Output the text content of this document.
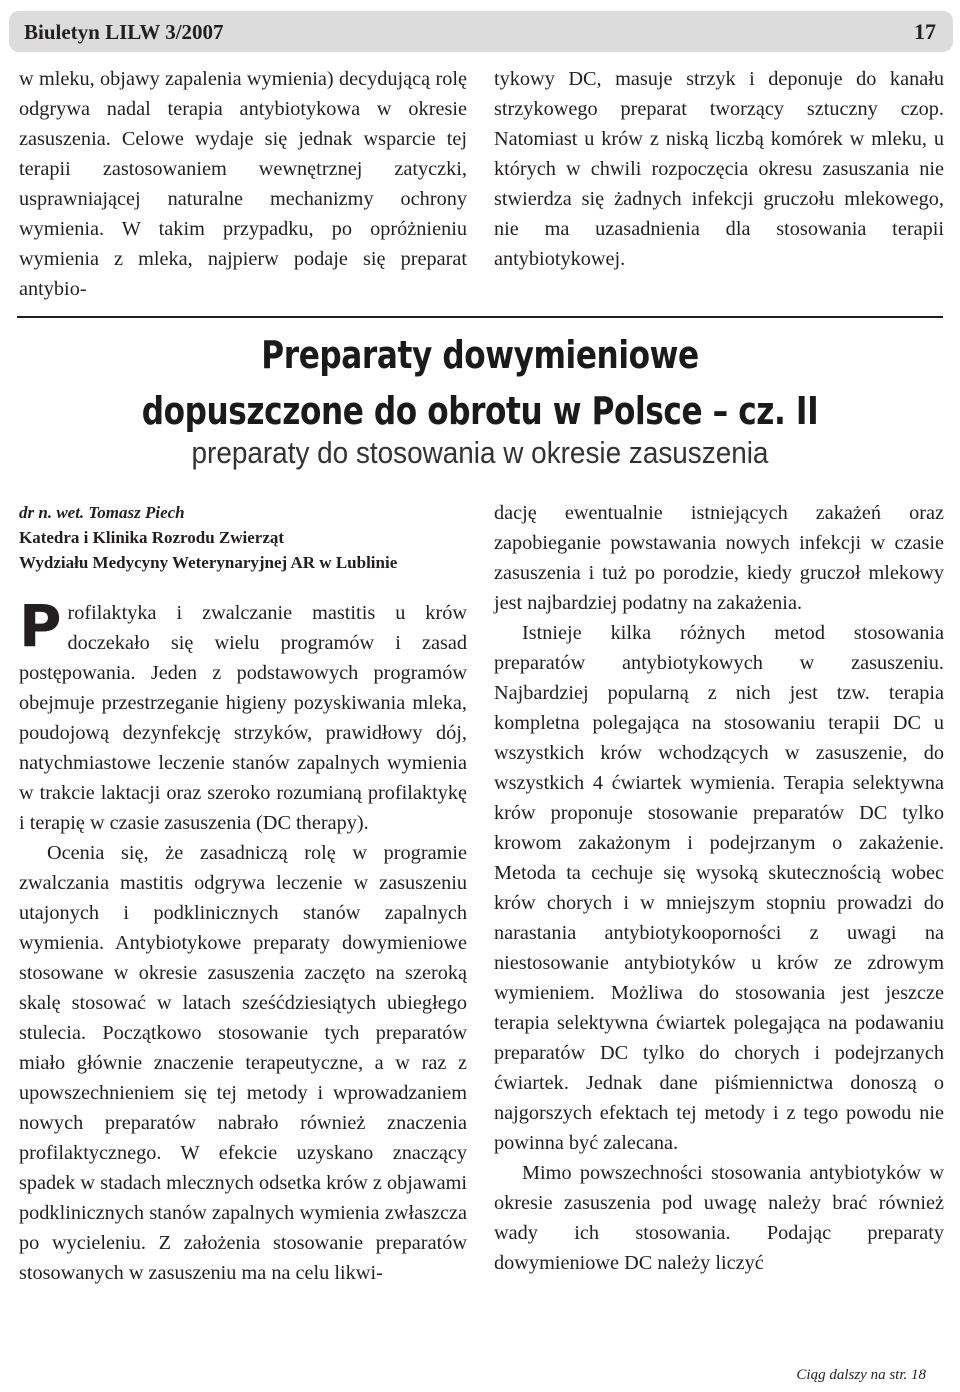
Biuletyn LILW 3/2007	17

w mleku, objawy zapalenia wymienia) decydującą rolę odgrywa nadal terapia antybiotykowa w okresie zasuszenia. Celowe wydaje się jednak wsparcie tej terapii zastosowaniem wewnętrznej zatyczki, usprawniającej naturalne mechanizmy ochrony wymienia. W takim przypadku, po opróżnieniu wymienia z mleka, najpierw podaje się preparat antybio-

tykowy DC, masuje strzyk i deponuje do kanału strzykowego preparat tworzący sztuczny czop. Natomiast u krów z niską liczbą komórek w mleku, u których w chwili rozpoczęcia okresu zasuszania nie stwierdza się żadnych infekcji gruczołu mlekowego, nie ma uzasadnienia dla stosowania terapii antybiotykowej.

Preparaty dowymieniowe
dopuszczone do obrotu w Polsce – cz. II
preparaty do stosowania w okresie zasuszenia
dr n. wet. Tomasz Piech
Katedra i Klinika Rozrodu Zwierząt
Wydziału Medycyny Weterynaryjnej AR w Lublinie

Profilaktyka i zwalczanie mastitis u krów doczekało się wielu programów i zasad postępowania. Jeden z podstawowych programów obejmuje przestrzeganie higieny pozyskiwania mleka, poudojową dezynfekcję strzyków, prawidłowy dój, natychmiastowe leczenie stanów zapalnych wymienia w trakcie laktacji oraz szeroko rozumianą profilaktykę i terapię w czasie zasuszenia (DC therapy).

Ocenia się, że zasadniczą rolę w programie zwalczania mastitis odgrywa leczenie w zasuszeniu utajonych i podklinicznych stanów zapalnych wymienia. Antybiotykowe preparaty dowymieniowe stosowane w okresie zasuszenia zaczęto na szeroką skalę stosować w latach sześćdziesiątych ubiegłego stulecia. Początkowo stosowanie tych preparatów miało głównie znaczenie terapeutyczne, a w raz z upowszechnieniem się tej metody i wprowadzaniem nowych preparatów nabrało również znaczenia profilaktycznego. W efekcie uzyskano znaczący spadek w stadach mlecznych odsetka krów z objawami podklinicznych stanów zapalnych wymienia zwłaszcza po wycieleniu. Z założenia stosowanie preparatów stosowanych w zasuszeniu ma na celu likwi-

dację ewentualnie istniejących zakażeń oraz zapobieganie powstawania nowych infekcji w czasie zasuszenia i tuż po porodzie, kiedy gruczoł mlekowy jest najbardziej podatny na zakażenia.

Istnieje kilka różnych metod stosowania preparatów antybiotykowych w zasuszeniu. Najbardziej popularną z nich jest tzw. terapia kompletna polegająca na stosowaniu terapii DC u wszystkich krów wchodzących w zasuszenie, do wszystkich 4 ćwiartek wymienia. Terapia selektywna krów proponuje stosowanie preparatów DC tylko krowom zakażonym i podejrzanym o zakażenie. Metoda ta cechuje się wysoką skutecznością wobec krów chorych i w mniejszym stopniu prowadzi do narastania antybiotykooporności z uwagi na niestosowanie antybiotyków u krów ze zdrowym wymieniem. Możliwa do stosowania jest jeszcze terapia selektywna ćwiartek polegająca na podawaniu preparatów DC tylko do chorych i podejrzanych ćwiartek. Jednak dane piśmiennictwa donoszą o najgorszych efektach tej metody i z tego powodu nie powinna być zalecana.

Mimo powszechności stosowania antybiotyków w okresie zasuszenia pod uwagę należy brać również wady ich stosowania. Podając preparaty dowymieniowe DC należy liczyć

Ciąg dalszy na str. 18
